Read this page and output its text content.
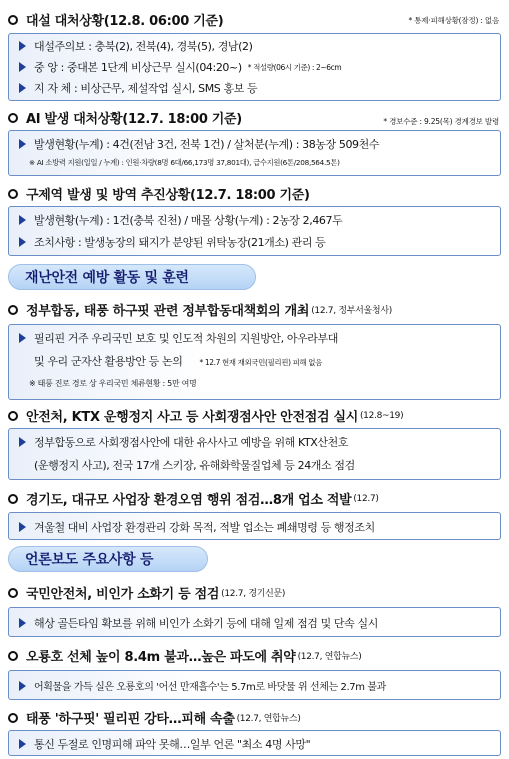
대설 대처상황(12.8. 06:00 기준)	* 통제·피해상황(잠정) : 없음
대설주의보 : 충북(2), 전북(4), 경북(5), 경남(2)
중 앙 : 중대본 1단계 비상근무 실시(04:20~) * 적설량(06시 기준) : 2~6cm
지 자 체 : 비상근무, 제설작업 실시, SMS 홍보 등
AI 발생 대처상황(12.7. 18:00 기준)	* 경보수준 : 9.25(목) 경계경보 발령
발생현황(누계) : 4건(전남 3건, 전북 1건) / 살처분(누계) : 38농장 509천수
※ AI 소방력 지원(일일 / 누계) : 인원·차량(8명 6대/66,173명 37,801대), 급수지원(6톤/208,564.5톤)
구제역 발생 및 방역 추진상황(12.7. 18:00 기준)
발생현황(누계) : 1건(충북 진천) / 매몰 상황(누계) : 2농장 2,467두
조치사항 : 발생농장의 돼지가 분양된 위탁농장(21개소) 관리 등
재난안전 예방 활동 및 훈련
정부합동, 태풍 하구핏 관련 정부합동대책회의 개최 (12.7, 정부서울청사)
필리핀 거주 우리국민 보호 및 인도적 차원의 지원방안, 아우라부대
및 우리 군자산 활용방안 등 논의 * 12.7 현재 재외국민(필리핀) 피해 없음
※ 태풍 진로 경로 상 우리국민 체류현황 : 5만 여명
안전처, KTX 운행정지 사고 등 사회쟁점사안 안전점검 실시 (12.8~19)
정부합동으로 사회쟁점사안에 대한 유사사고 예방을 위해 KTX산천호
(운행정지 사고), 전국 17개 스키장, 유해화학물질업체 등 24개소 점검
경기도, 대규모 사업장 환경오염 행위 점검…8개 업소 적발 (12.7)
겨울철 대비 사업장 환경관리 강화 목적, 적발 업소는 폐쇄명령 등 행정조치
언론보도 주요사항 등
국민안전처, 비인가 소화기 등 점검 (12.7, 경기신문)
해상 골든타임 확보를 위해 비인가 소화기 등에 대해 일제 점검 및 단속 실시
오룡호 선체 높이 8.4m 불과…높은 파도에 취약 (12.7, 연합뉴스)
어획물을 가득 실은 오룡호의 '어선 만재흘수'는 5.7m로 바닷물 위 선체는 2.7m 불과
태풍 '하구핏' 필리핀 강타…피해 속출 (12.7, 연합뉴스)
통신 두절로 인명피해 파악 못해…일부 언론 "최소 4명 사망"
